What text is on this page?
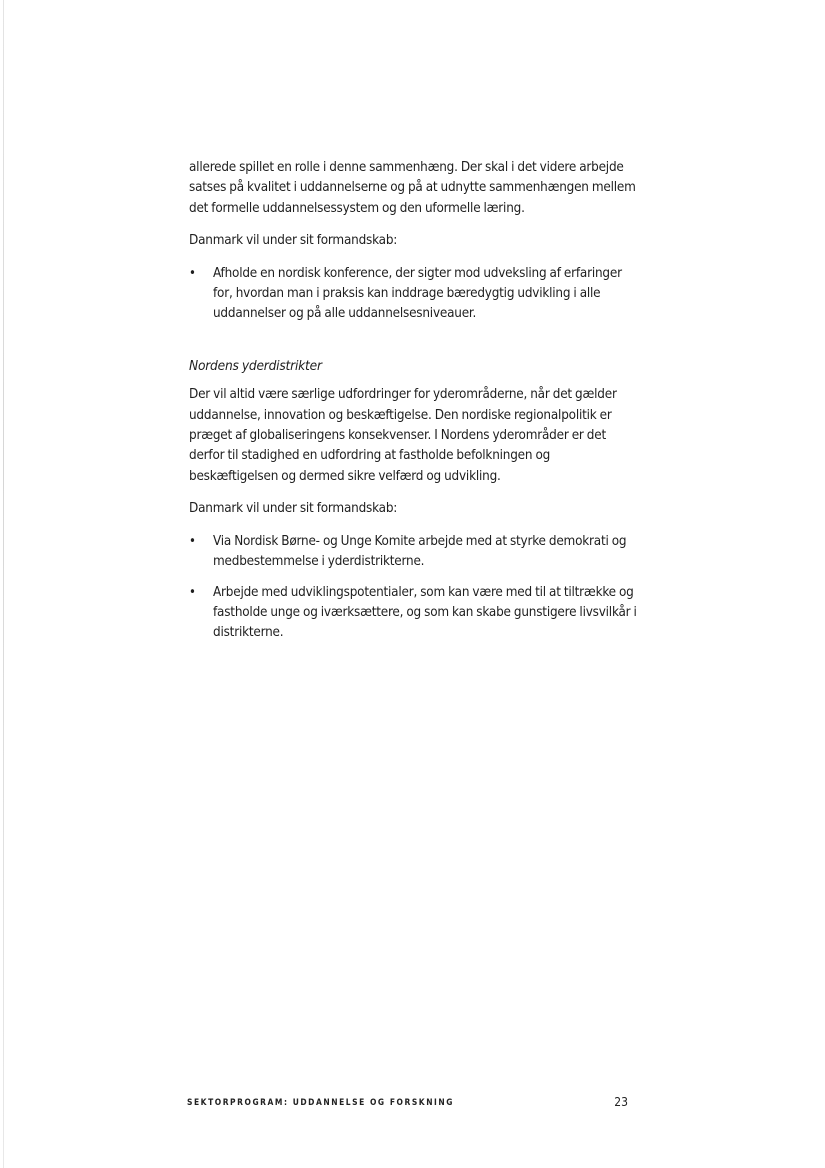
allerede spillet en rolle i denne sammenhæng. Der skal i det videre arbejde satses på kvalitet i uddannelserne og på at udnytte sammenhængen mellem det formelle uddannelsessystem og den uformelle læring.

Danmark vil under sit formandskab:

• Afholde en nordisk konference, der sigter mod udveksling af erfaringer for, hvordan man i praksis kan inddrage bæredygtig udvikling i alle uddannelser og på alle uddannelsesniveauer.

Nordens yderdistrikter

Der vil altid være særlige udfordringer for yderområderne, når det gælder uddannelse, innovation og beskæftigelse. Den nordiske regionalpolitik er præget af globaliseringens konsekvenser. I Nordens yderområder er det derfor til stadighed en udfordring at fastholde befolkningen og beskæftigelsen og dermed sikre velfærd og udvikling.

Danmark vil under sit formandskab:

• Via Nordisk Børne- og Unge Komite arbejde med at styrke demokrati og medbestemmelse i yderdistrikterne.
• Arbejde med udviklingspotentialer, som kan være med til at tiltrække og fastholde unge og iværksættere, og som kan skabe gunstigere livsvilkår i distrikterne.
SEKTORPROGRAM: UDDANNELSE OG FORSKNING	23
